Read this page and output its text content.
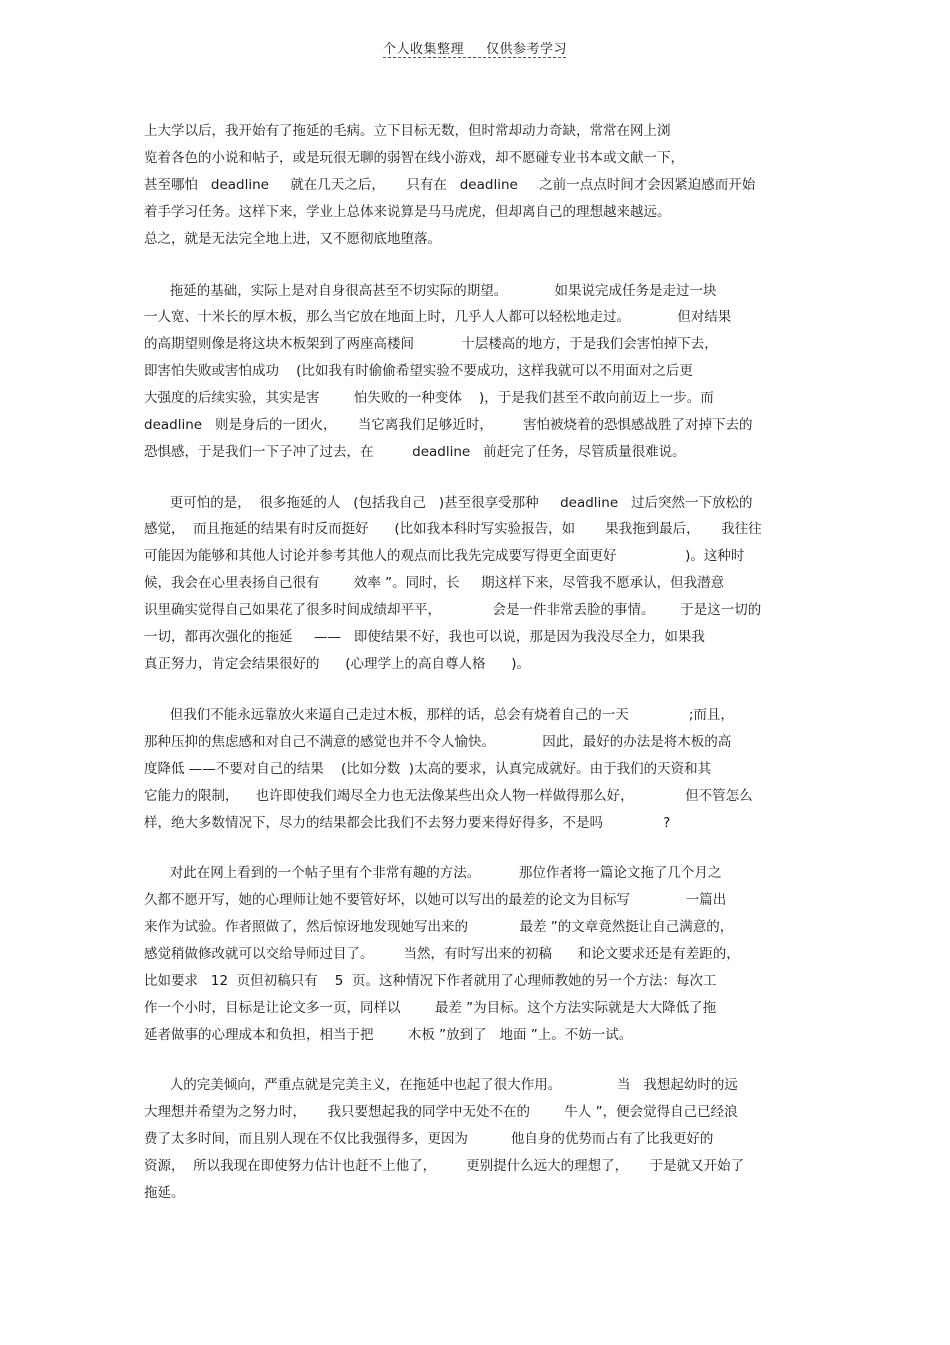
个人收集整理 仅供参考学习
上大学以后，我开始有了拖延的毛病。立下目标无数，但时常却动力奇缺，常常在网上浏
览着各色的小说和帖子，或是玩很无聊的弱智在线小游戏，却不愿碰专业书本或文献一下，
甚至哪怕   deadline     就在几天之后，     只有在   deadline     之前一点点时间才会因紧迫感而开始
着手学习任务。这样下来，学业上总体来说算是马马虎虎，但却离自己的理想越来越远。
总之，就是无法完全地上进，又不愿彻底地堕落。
拖延的基础，实际上是对自身很高甚至不切实际的期望。           如果说完成任务是走过一块
一人宽、十米长的厚木板，那么当它放在地面上时，几乎人人都可以轻松地走过。           但对结果
的高期望则像是将这块木板架到了两座高楼间           十层楼高的地方，于是我们会害怕掉下去，
即害怕失败或害怕成功    (比如我有时偷偷希望实验不要成功，这样我就可以不用面对之后更
大强度的后续实验，其实是害        怕失败的一种变体    )，于是我们甚至不敢向前迈上一步。而
deadline   则是身后的一团火，     当它离我们足够近时，       害怕被烧着的恐惧感战胜了对掉下去的
恐惧感，于是我们一下子冲了过去，在         deadline   前赶完了任务，尽管质量很难说。
更可怕的是，  很多拖延的人   (包括我自己   )甚至很享受那种     deadline   过后突然一下放松的
感觉，  而且拖延的结果有时反而挺好      (比如我本科时写实验报告，如       果我拖到最后，     我往往
可能因为能够和其他人讨论并参考其他人的观点而比我先完成要写得更全面更好                )。这种时
候，我会在心里表扬自己很有        效率 ”。同时，长     期这样下来，尽管我不愿承认，但我潜意
识里确实觉得自己如果花了很多时间成绩却平平，            会是一件非常丢脸的事情。      于是这一切的
一切，都再次强化的拖延     ——   即使结果不好，我也可以说，那是因为我没尽全力，如果我
真正努力，肯定会结果很好的      (心理学上的高自尊人格      )。
但我们不能永远靠放火来逼自己走过木板，那样的话，总会有烧着自己的一天              ;而且，
那种压抑的焦虑感和对自己不满意的感觉也并不令人愉快。           因此，最好的办法是将木板的高
度降低 ——不要对自己的结果    (比如分数  )太高的要求，认真完成就好。由于我们的天资和其
它能力的限制，    也许即使我们竭尽全力也无法像某些出众人物一样做得那么好，            但不管怎么
样，绝大多数情况下，尽力的结果都会比我们不去努力要来得好得多，不是吗              ?
对此在网上看到的一个帖子里有个非常有趣的方法。         那位作者将一篇论文拖了几个月之
久都不愿开写，她的心理师让她不要管好坏，以她可以写出的最差的论文为目标写             一篇出
来作为试验。作者照做了，然后惊讶地发现她写出来的            最差 ”的文章竟然挺让自己满意的，
感觉稍做修改就可以交给导师过目了。       当然，有时写出来的初稿      和论文要求还是有差距的，
比如要求   12  页但初稿只有    5  页。这种情况下作者就用了心理师教她的另一个方法：每次工
作一个小时，目标是让论文多一页，同样以        最差 ”为目标。这个方法实际就是大大降低了拖
延者做事的心理成本和负担，相当于把        木板 ”放到了   地面 ”上。不妨一试。
人的完美倾向，严重点就是完美主义，在拖延中也起了很大作用。             当   我想起幼时的远
大理想并希望为之努力时，     我只要想起我的同学中无处不在的        牛人 ”，便会觉得自己已经浪
费了太多时间，而且别人现在不仅比我强得多，更因为          他自身的优势而占有了比我更好的
资源，  所以我现在即使努力估计也赶不上他了，       更别提什么远大的理想了，     于是就又开始了
拖延。
